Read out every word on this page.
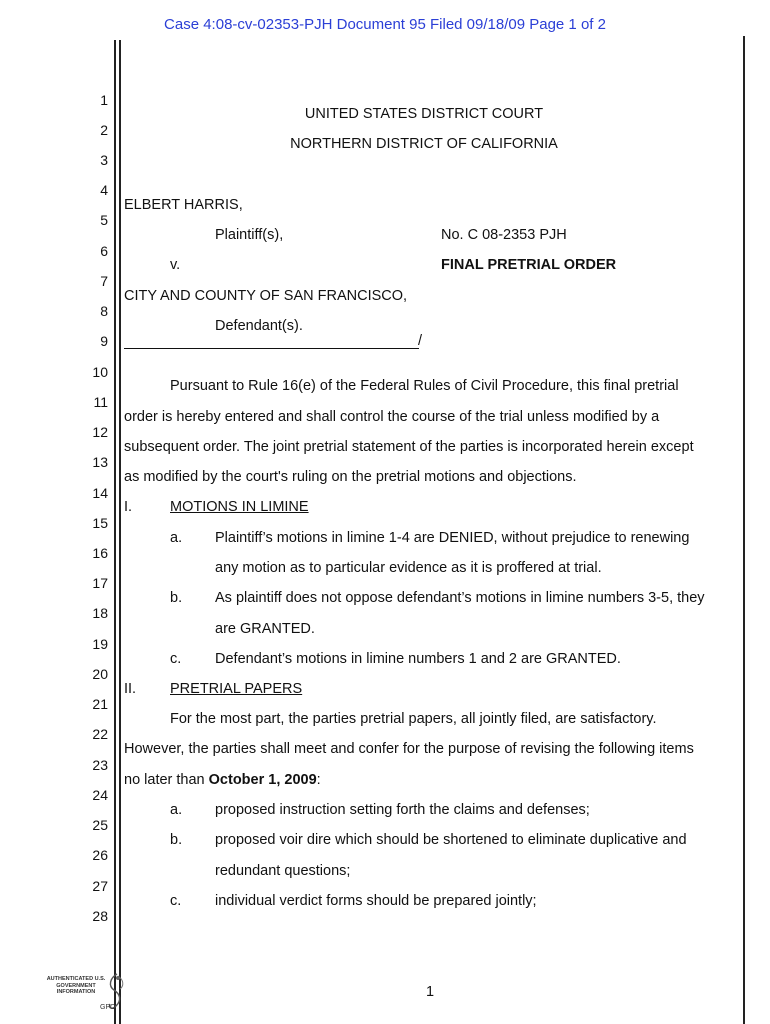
Case 4:08-cv-02353-PJH Document 95 Filed 09/18/09 Page 1 of 2
1
2
3
4
5
6
7
8
9
10
11
12
13
14
15
16
17
18
19
20
21
22
23
24
25
26
27
28
UNITED STATES DISTRICT COURT
NORTHERN DISTRICT OF CALIFORNIA
ELBERT HARRIS,
Plaintiff(s),	No. C 08-2353 PJH
v.	FINAL PRETRIAL ORDER
CITY AND COUNTY OF SAN FRANCISCO,
Defendant(s).
/
Pursuant to Rule 16(e) of the Federal Rules of Civil Procedure, this final pretrial
order is hereby entered and shall control the course of the trial unless modified by a
subsequent order. The joint pretrial statement of the parties is incorporated herein except
as modified by the court's ruling on the pretrial motions and objections.
I.	MOTIONS IN LIMINE
a. Plaintiff’s motions in limine 1-4 are DENIED, without prejudice to renewing
any motion as to particular evidence as it is proffered at trial.
b. As plaintiff does not oppose defendant’s motions in limine numbers 3-5, they
are GRANTED.
c. Defendant’s motions in limine numbers 1 and 2 are GRANTED.
II. PRETRIAL PAPERS
For the most part, the parties pretrial papers, all jointly filed, are satisfactory.
However, the parties shall meet and confer for the purpose of revising the following items
no later than October 1, 2009:
a. proposed instruction setting forth the claims and defenses;
b. proposed voir dire which should be shortened to eliminate duplicative and
redundant questions;
c. individual verdict forms should be prepared jointly;
AUTHENTICATED U.S. GOVERNMENT INFORMATION
GPO
1
